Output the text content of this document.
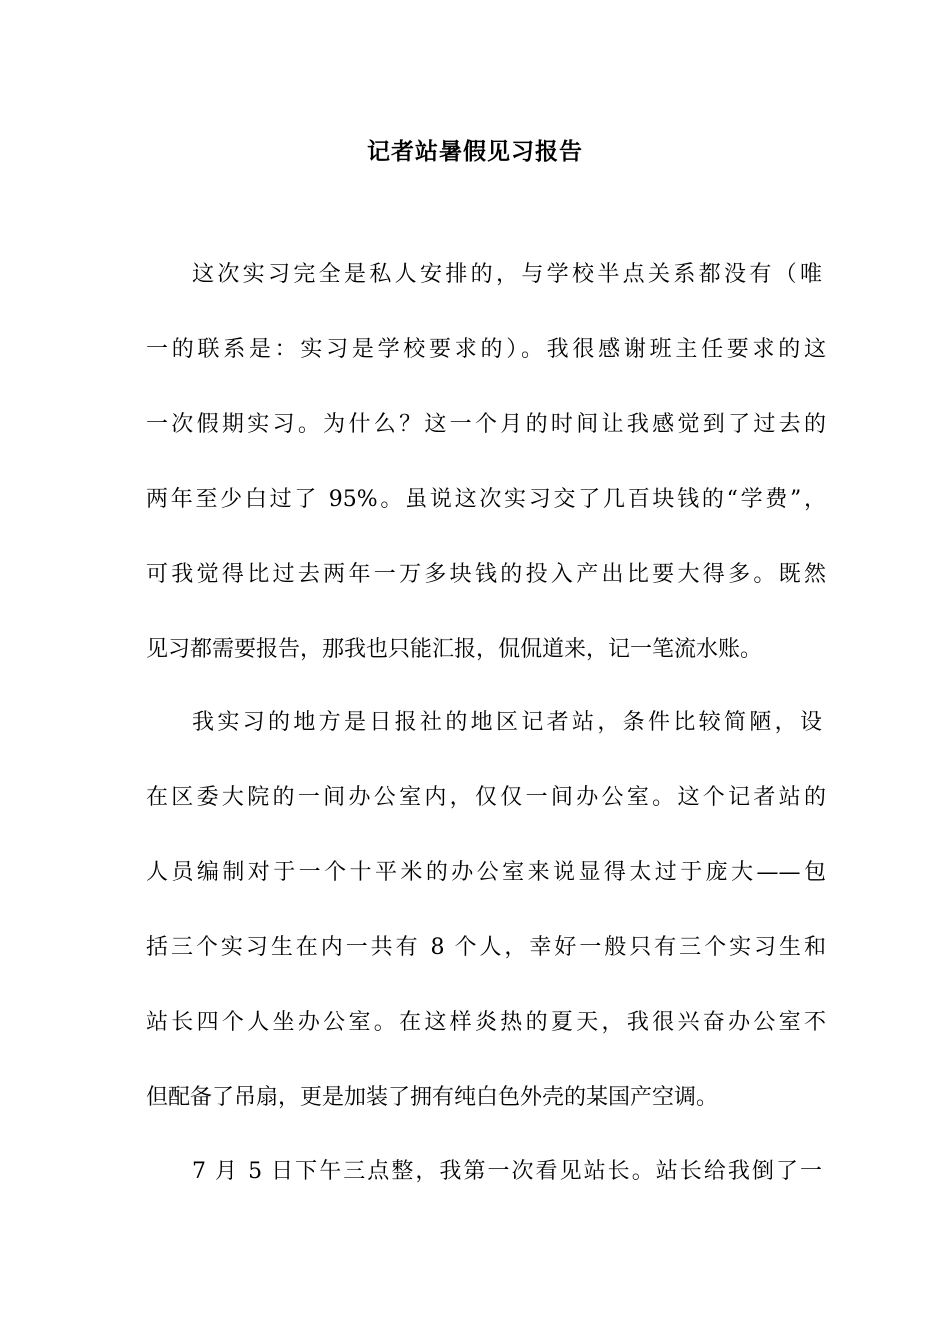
记者站暑假见习报告
这次实习完全是私人安排的，与学校半点关系都没有（唯
一的联系是：实习是学校要求的）。我很感谢班主任要求的这
一次假期实习。为什么？这一个月的时间让我感觉到了过去的
两年至少白过了 95%。虽说这次实习交了几百块钱的“学费”，
可我觉得比过去两年一万多块钱的投入产出比要大得多。既然
见习都需要报告，那我也只能汇报，侃侃道来，记一笔流水账。
我实习的地方是日报社的地区记者站，条件比较简陋，设
在区委大院的一间办公室内，仅仅一间办公室。这个记者站的
人员编制对于一个十平米的办公室来说显得太过于庞大——包
括三个实习生在内一共有 8 个人，幸好一般只有三个实习生和
站长四个人坐办公室。在这样炎热的夏天，我很兴奋办公室不
但配备了吊扇，更是加装了拥有纯白色外壳的某国产空调。
7 月 5 日下午三点整，我第一次看见站长。站长给我倒了一
